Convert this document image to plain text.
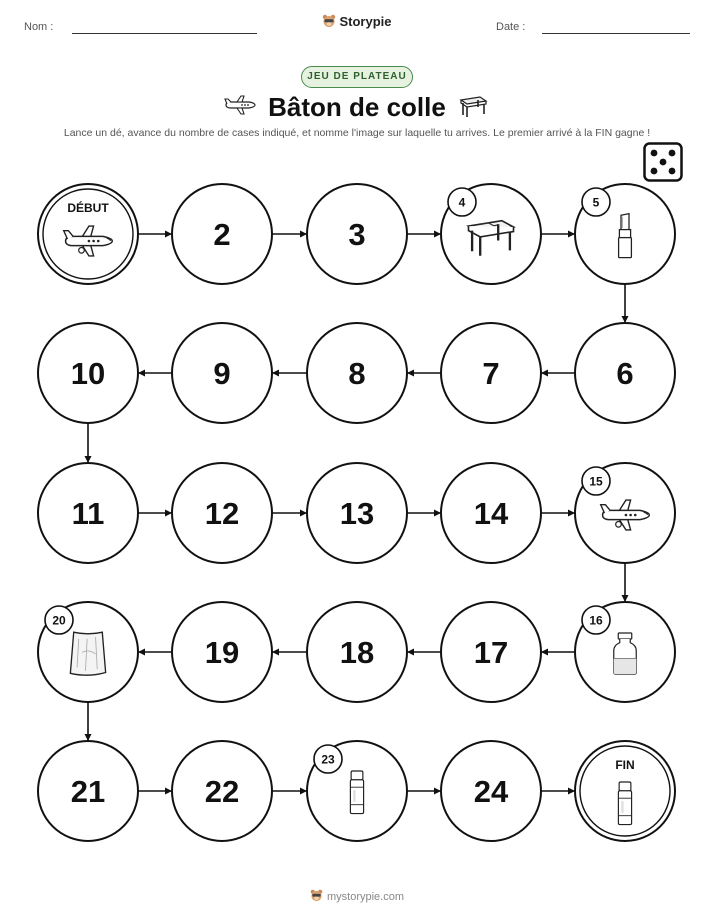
Nom :	Storypie	Date :
JEU DE PLATEAU
Bâton de colle
Lance un dé, avance du nombre de cases indiqué, et nomme l'image sur laquelle tu arrives. Le premier arrivé à la FIN gagne !
DÉBUT
2	3
4	5
6
7
8
9
10
11	12	13	14
15
16
17
18
19
20
21	22
23
24
FIN
mystorypie.com
